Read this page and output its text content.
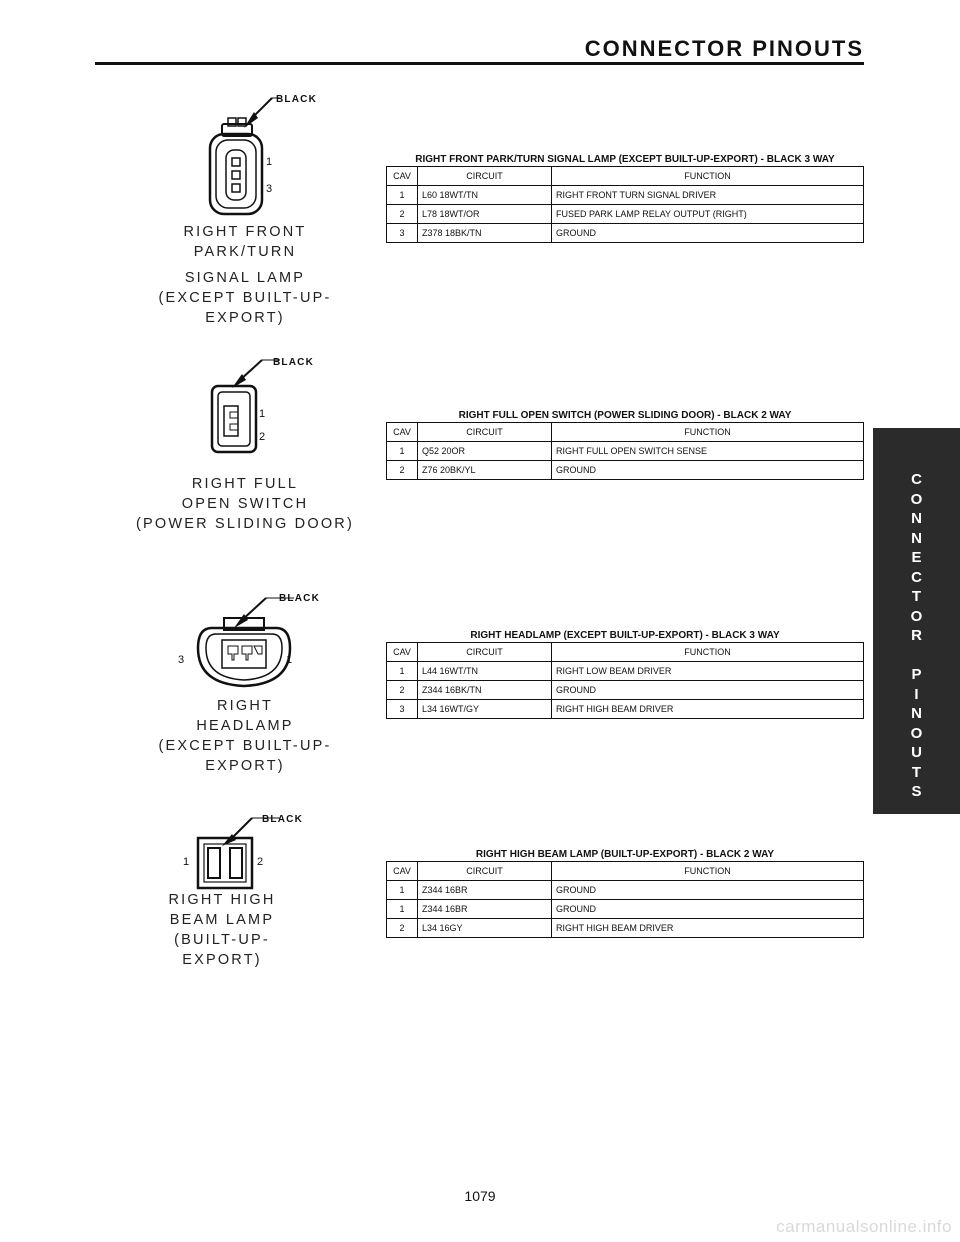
CONNECTOR PINOUTS
C
O
N
N
E
C
T
O
R
P
I
N
O
U
T
S
BLACK
1
3
RIGHT FRONT
PARK/TURN
SIGNAL LAMP
(EXCEPT BUILT-UP-EXPORT)
RIGHT FRONT PARK/TURN SIGNAL LAMP (EXCEPT BUILT-UP-EXPORT) - BLACK 3 WAY
CAV	CIRCUIT	FUNCTION
1	L60 18WT/TN	RIGHT FRONT TURN SIGNAL DRIVER
2	L78 18WT/OR	FUSED PARK LAMP RELAY OUTPUT (RIGHT)
3	Z378 18BK/TN	GROUND
BLACK
1
2
RIGHT FULL
OPEN SWITCH
(POWER SLIDING DOOR)
RIGHT FULL OPEN SWITCH (POWER SLIDING DOOR) - BLACK 2 WAY
CAV	CIRCUIT	FUNCTION
1	Q52 20OR	RIGHT FULL OPEN SWITCH SENSE
2	Z76 20BK/YL	GROUND
BLACK
3	1
RIGHT
HEADLAMP
(EXCEPT BUILT-UP-EXPORT)
RIGHT HEADLAMP (EXCEPT BUILT-UP-EXPORT) - BLACK 3 WAY
CAV	CIRCUIT	FUNCTION
1	L44 16WT/TN	RIGHT LOW BEAM DRIVER
2	Z344 16BK/TN	GROUND
3	L34 16WT/GY	RIGHT HIGH BEAM DRIVER
BLACK
1	2
RIGHT HIGH
BEAM LAMP
(BUILT-UP-
EXPORT)
RIGHT HIGH BEAM LAMP (BUILT-UP-EXPORT) - BLACK 2 WAY
CAV	CIRCUIT	FUNCTION
1	Z344 16BR	GROUND
1	Z344 16BR	GROUND
2	L34 16GY	RIGHT HIGH BEAM DRIVER
1079
carmanualsonline.info
